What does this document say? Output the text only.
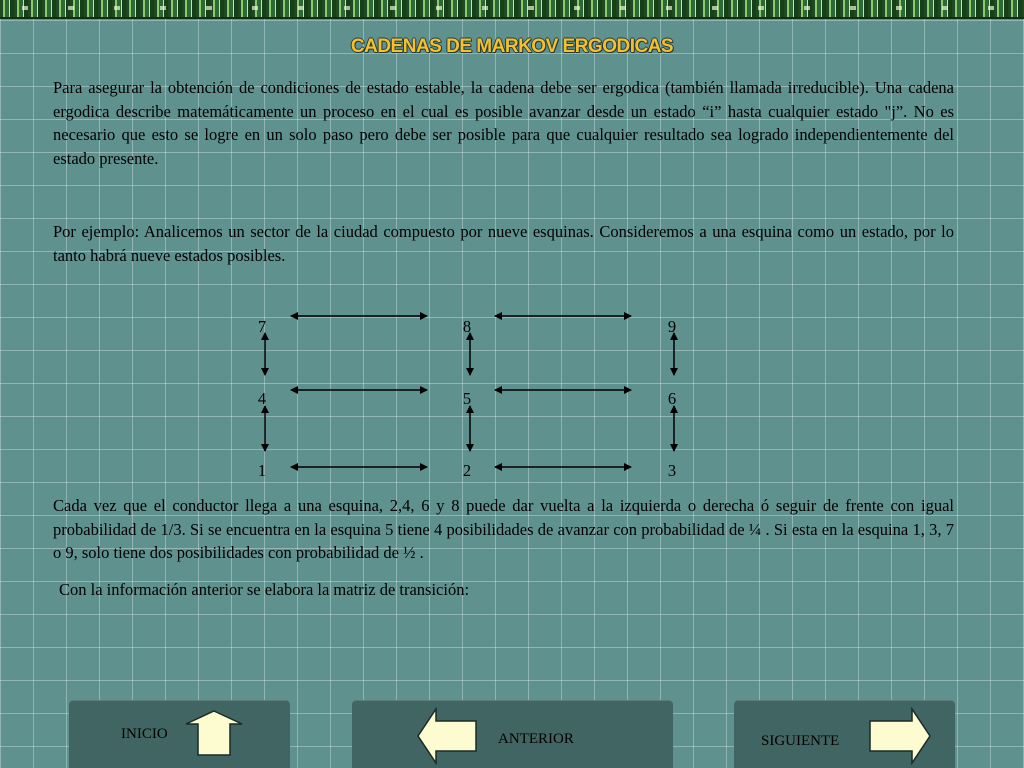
CADENAS DE MARKOV ERGODICAS

Para asegurar la obtención de condiciones de estado estable, la cadena debe ser ergodica (también llamada irreducible). Una cadena ergodica describe matemáticamente un proceso en el cual es posible avanzar desde un estado “i” hasta cualquier estado "j”. No es necesario que esto se logre en un solo paso pero debe ser posible para que cualquier resultado sea logrado independientemente del estado presente.

Por ejemplo: Analicemos un sector de la ciudad compuesto por nueve esquinas. Consideremos a una esquina como un estado, por lo tanto habrá nueve estados posibles.

7	8	9
4	5	6
1	2	3

Cada vez que el conductor llega a una esquina, 2,4, 6 y 8 puede dar vuelta a la izquierda o derecha ó seguir de frente con igual probabilidad de 1/3. Si se encuentra en la esquina 5 tiene 4 posibilidades de avanzar con probabilidad de ¼ . Si esta en la esquina 1, 3, 7 o 9, solo tiene dos posibilidades con probabilidad de ½ .

Con la información anterior se elabora la matriz de transición:

INICIO	ANTERIOR	SIGUIENTE
